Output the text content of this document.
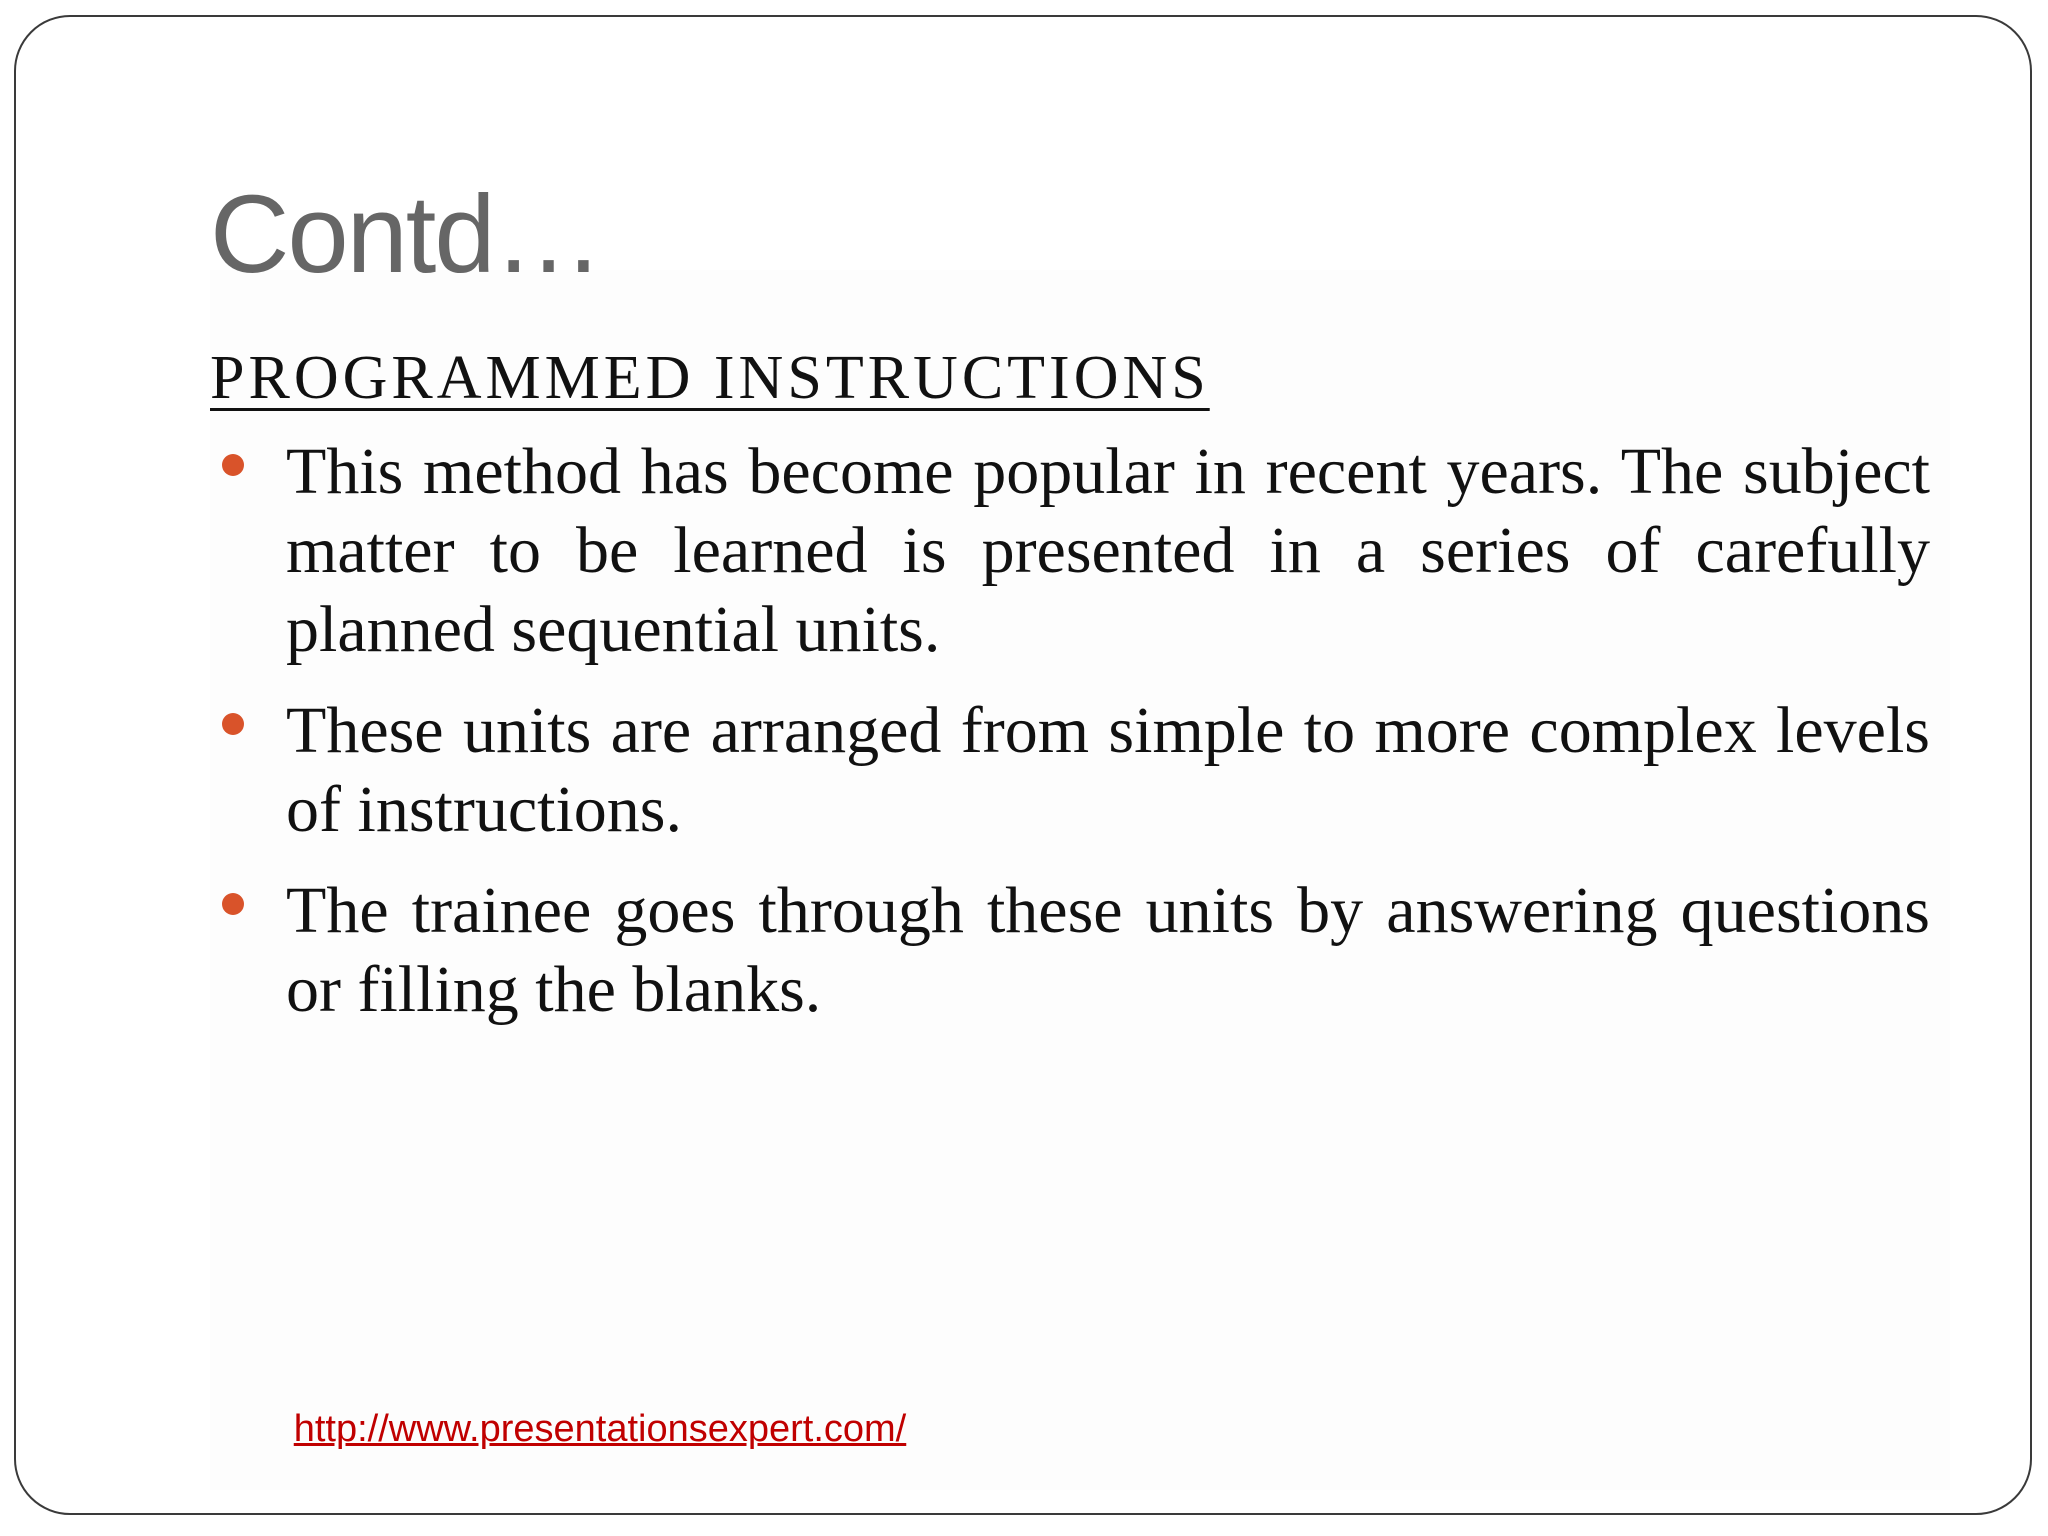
Contd…
PROGRAMMED INSTRUCTIONS
This method has become popular in recent years. The subject matter to be learned is presented in a series of carefully planned sequential units.
These units are arranged from simple to more complex levels of instructions.
The trainee goes through these units by answering questions or filling the blanks.
http://www.presentationsexpert.com/
